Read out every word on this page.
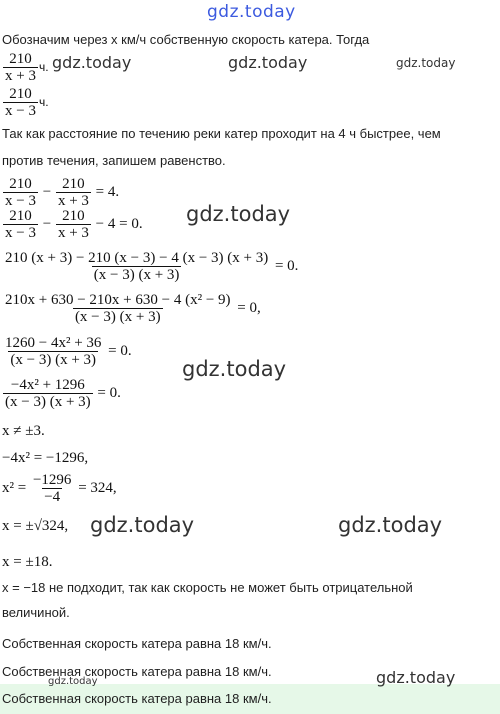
gdz.today
gdz.today	gdz.today	gdz.today
gdz.today
gdz.today
gdz.today	gdz.today
gdz.today
gdz.today
Обозначим через x км/ч собственную скорость катера. Тогда
$\frac{210}{x + 3} ч$.
$\frac{210}{x - 3} ч$.
Так как расстояние по течению реки катер проходит на 4 ч быстрее, чем
против течения, запишем равенство.
$\frac{210}{x - 3} - \frac{210}{x + 3} = 4$.
$\frac{210}{x - 3} - \frac{210}{x + 3} - 4 = 0$.
$\frac{210 (x + 3) - 210 (x - 3) - 4 (x - 3) (x + 3)}{(x - 3) (x + 3)} = 0$.
$\frac{\text{210x + 630 − 210x + 630 − 4 (x² − 9)}}{(x - 3) (x + 3)} = 0$,
$\frac{\text{1260 − 4x² + 36}}{(x - 3) (x + 3)} = 0$.
$\frac{\text{−4x² + 1296}}{(x - 3) (x + 3)} = 0$.
x ≠ ±3.
−4x² = −1296,
$x^2 = \frac{-1296}{-4} = 324$,
x = ±√324,
x = ±18.
x = −18 не подходит, так как скорость не может быть отрицательной
величиной.
Собственная скорость катера равна 18 км/ч.
Собственная скорость катера равна 18 км/ч.
Собственная скорость катера равна 18 км/ч.
